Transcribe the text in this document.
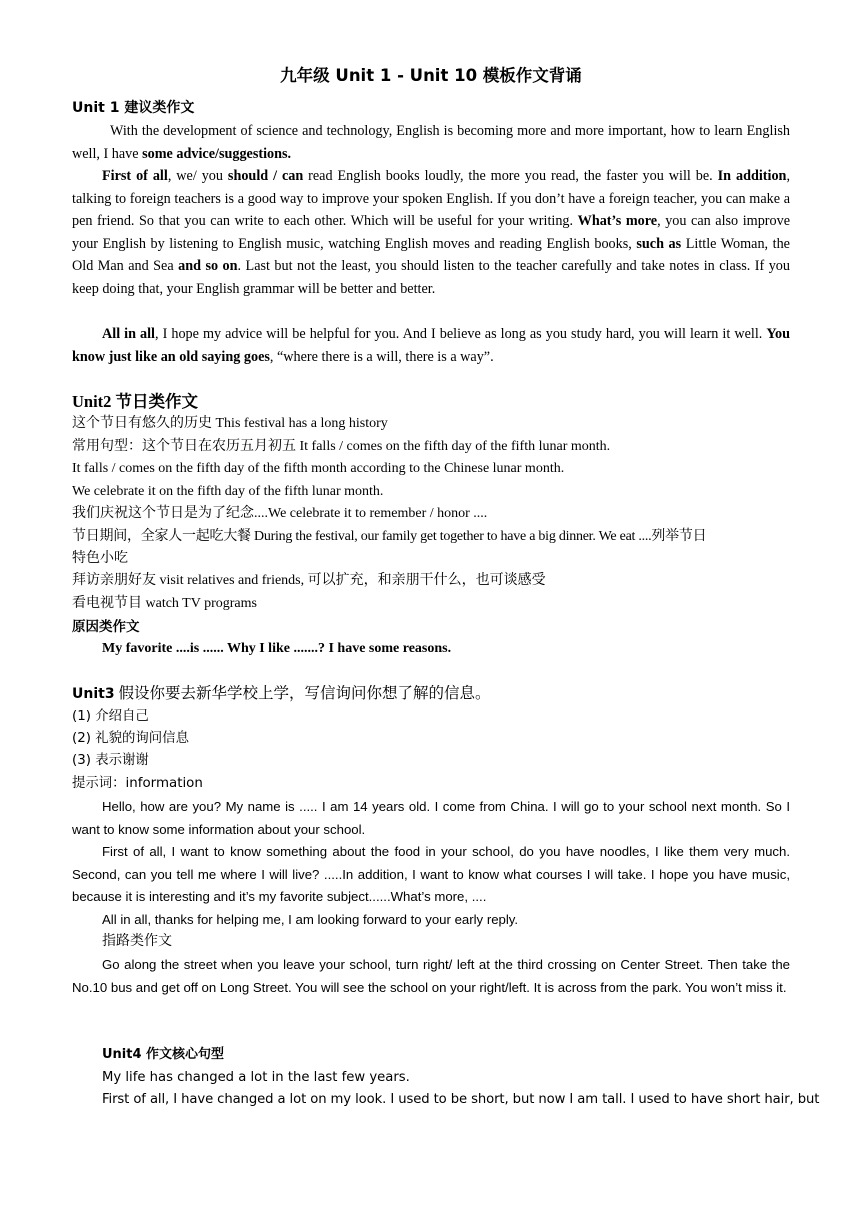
九年级 Unit 1 - Unit 10 模板作文背诵
Unit 1 建议类作文
With the development of science and technology, English is becoming more and more important, how to learn English well, I have some advice/suggestions.
First of all, we/ you should / can read English books loudly, the more you read, the faster you will be. In addition, talking to foreign teachers is a good way to improve your spoken English. If you don’t have a foreign teacher, you can make a pen friend. So that you can write to each other. Which will be useful for your writing. What’s more, you can also improve your English by listening to English music, watching English moves and reading English books, such as Little Woman, the Old Man and Sea and so on. Last but not the least, you should listen to the teacher carefully and take notes in class. If you keep doing that, your English grammar will be better and better.
All in all, I hope my advice will be helpful for you. And I believe as long as you study hard, you will learn it well. You know just like an old saying goes, “where there is a will, there is a way”.
Unit2 节日类作文
这个节日有悠久的历史 This festival has a long history
常用句型：这个节日在农历五月初五 It falls / comes on the fifth day of the fifth lunar month.
It falls / comes on the fifth day of the fifth month according to the Chinese lunar month.
We celebrate it on the fifth day of the fifth lunar month.
我们庆祝这个节日是为了纪念....We celebrate it to remember / honor ....
节日期间，全家人一起吃大餐 During the festival, our family get together to have a big dinner. We eat ....列举节日
特色小吃
拜访亲朋好友 visit relatives and friends, 可以扩充，和亲朋干什么，也可谈感受
看电视节目 watch TV programs
原因类作文
My favorite ....is ...... Why I like .......? I have some reasons.
Unit3 假设你要去新华学校上学，写信询问你想了解的信息。
(1) 介绍自己
(2) 礼貌的询问信息
(3) 表示谢谢
提示词：information
Hello, how are you? My name is ..... I am 14 years old. I come from China. I will go to your school next month. So I want to know some information about your school.
First of all, I want to know something about the food in your school, do you have noodles, I like them very much. Second, can you tell me where I will live? .....In addition, I want to know what courses I will take. I hope you have music, because it is interesting and it’s my favorite subject......What’s more, ....
All in all, thanks for helping me, I am looking forward to your early reply.
指路类作文
Go along the street when you leave your school, turn right/ left at the third crossing on Center Street. Then take the No.10 bus and get off on Long Street. You will see the school on your right/left. It is across from the park. You won’t miss it.
Unit4 作文核心句型
My life has changed a lot in the last few years.
First of all, I have changed a lot on my look. I used to be short, but now I am tall. I used to have short hair, but
